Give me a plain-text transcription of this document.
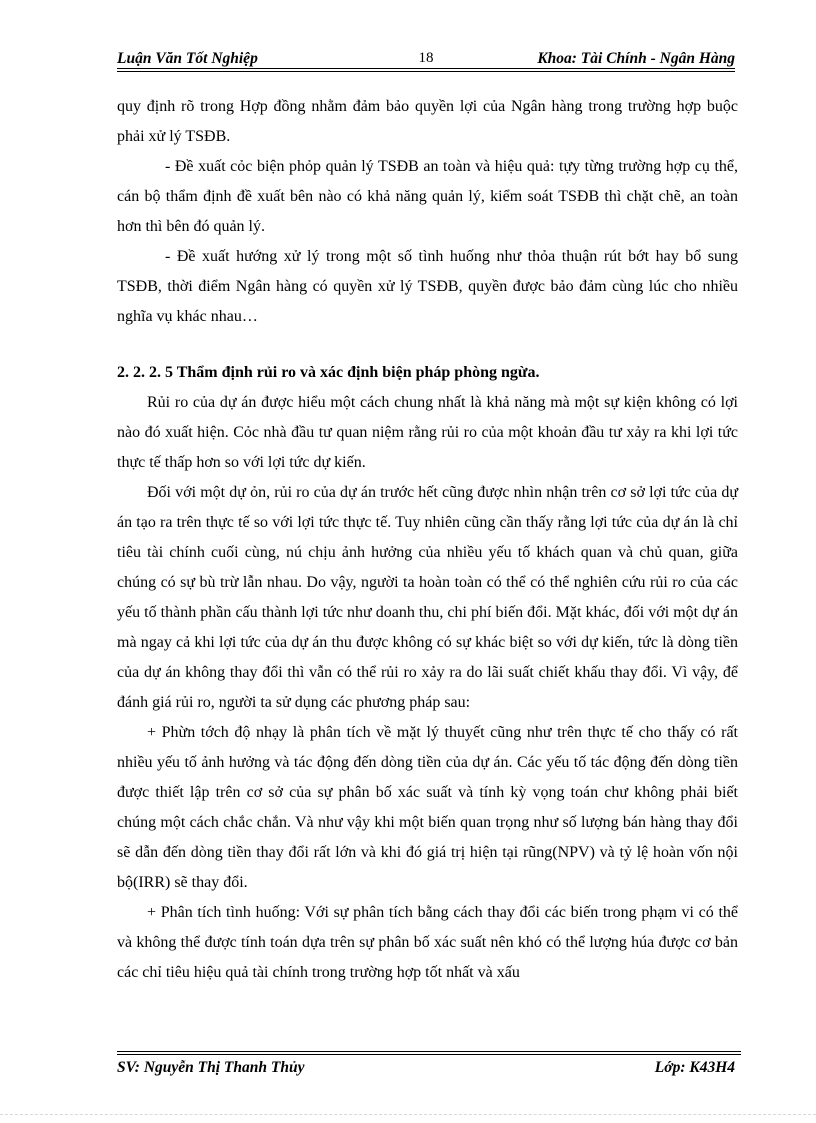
Luận Văn Tốt Nghiệp	18	Khoa: Tài Chính - Ngân Hàng

quy định rõ trong Hợp đồng nhằm đảm bảo quyền lợi của Ngân hàng trong trường hợp buộc phải xử lý TSĐB.

- Đề xuất cỏc biện phỏp quản lý TSĐB an toàn và hiệu quả: tựy từng trường hợp cụ thể, cán bộ thẩm định đề xuất bên nào có khả năng quản lý, kiểm soát TSĐB thì chặt chẽ, an toàn hơn thì bên đó quản lý.

- Đề xuất hướng xử lý trong một số tình huống như thỏa thuận rút bớt hay bổ sung TSĐB, thời điểm Ngân hàng có quyền xử lý TSĐB, quyền được bảo đảm cùng lúc cho nhiều nghĩa vụ khác nhau…

2. 2. 2. 5 Thẩm định rủi ro và xác định biện pháp phòng ngừa.

Rủi ro của dự án được hiểu một cách chung nhất là khả năng mà một sự kiện không có lợi nào đó xuất hiện. Cỏc nhà đầu tư quan niệm rằng rủi ro của một khoản đầu tư xảy ra khi lợi tức thực tế thấp hơn so với lợi tức dự kiến.

Đối với một dự ỏn, rủi ro của dự án trước hết cũng được nhìn nhận trên cơ sở lợi tức của dự án tạo ra trên thực tế so với lợi tức thực tế. Tuy nhiên cũng cần thấy rằng lợi tức của dự án là chỉ tiêu tài chính cuối cùng, nú chịu ảnh hưởng của nhiều yếu tố khách quan và chủ quan, giữa chúng có sự bù trừ lẫn nhau. Do vậy, người ta hoàn toàn có thể có thể nghiên cứu rủi ro của các yếu tố thành phần cấu thành lợi tức như doanh thu, chi phí biến đổi. Mặt khác, đối với một dự án mà ngay cả khi lợi tức của dự án thu được không có sự khác biệt so với dự kiến, tức là dòng tiền của dự án không thay đổi thì vẫn có thể rủi ro xảy ra do lãi suất chiết khấu thay đổi. Vì vậy, để đánh giá rủi ro, người ta sử dụng các phương pháp sau:

+ Phừn tớch độ nhạy là phân tích về mặt lý thuyết cũng như trên thực tế cho thấy có rất nhiều yếu tố ảnh hưởng và tác động đến dòng tiền của dự án. Các yếu tố tác động đến dòng tiền được thiết lập trên cơ sở của sự phân bố xác suất và tính kỳ vọng toán chư không phải biết chúng một cách chắc chắn. Và như vậy khi một biến quan trọng như số lượng bán hàng thay đổi sẽ dẫn đến dòng tiền thay đổi rất lớn và khi đó giá trị hiện tại rũng(NPV) và tỷ lệ hoàn vốn nội bộ(IRR) sẽ thay đổi.

+ Phân tích tình huống: Với sự phân tích bằng cách thay đổi các biến trong phạm vi có thể và không thể được tính toán dựa trên sự phân bố xác suất nên khó có thể lượng húa được cơ bản các chỉ tiêu hiệu quả tài chính trong trường hợp tốt nhất và xấu

SV: Nguyễn Thị Thanh Thủy	Lớp: K43H4
